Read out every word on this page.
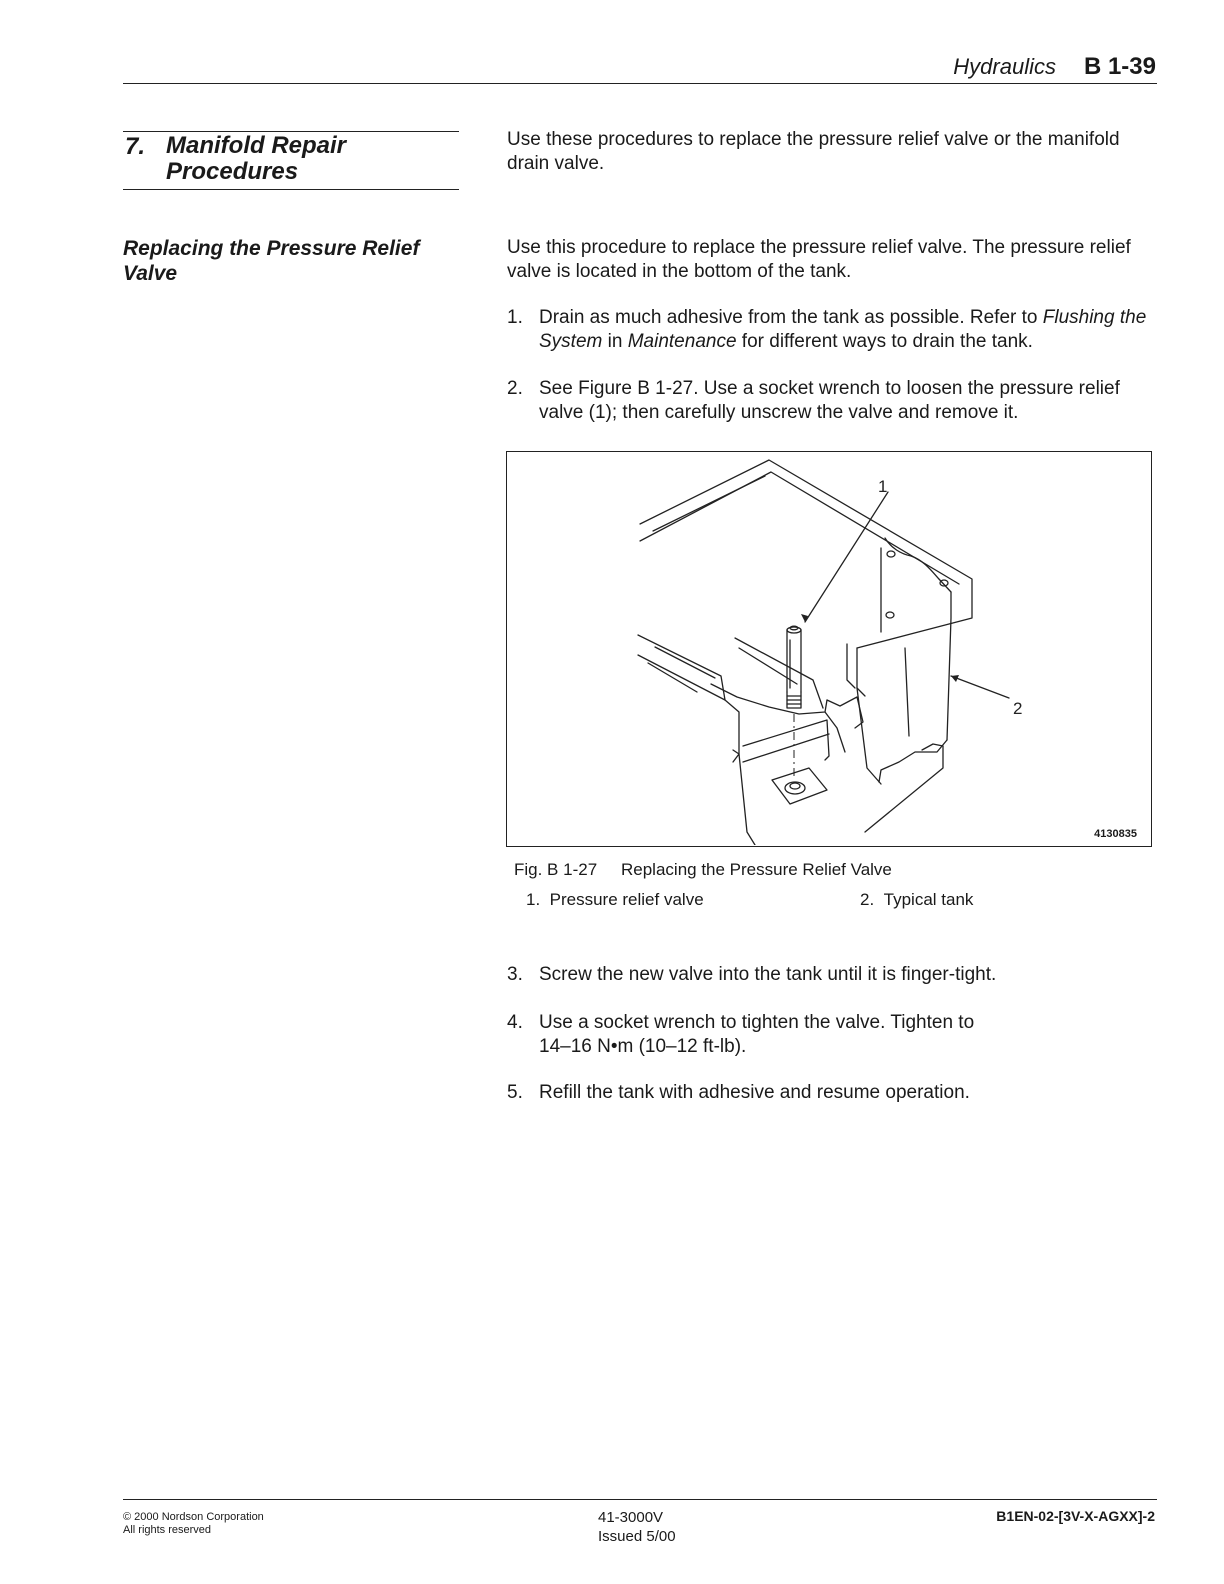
Hydraulics B 1-39
7. Manifold Repair Procedures
Use these procedures to replace the pressure relief valve or the manifold drain valve.
Replacing the Pressure Relief Valve
Use this procedure to replace the pressure relief valve. The pressure relief valve is located in the bottom of the tank.
1. Drain as much adhesive from the tank as possible. Refer to Flushing the System in Maintenance for different ways to drain the tank.
2. See Figure B 1-27. Use a socket wrench to loosen the pressure relief valve (1); then carefully unscrew the valve and remove it.
1
2
4130835
Fig. B 1-27 Replacing the Pressure Relief Valve
1. Pressure relief valve	2. Typical tank
3. Screw the new valve into the tank until it is finger-tight.
4. Use a socket wrench to tighten the valve. Tighten to 14–16 N•m (10–12 ft-lb).
5. Refill the tank with adhesive and resume operation.
© 2000 Nordson Corporation
All rights reserved
41-3000V
Issued 5/00
B1EN-02-[3V-X-AGXX]-2
